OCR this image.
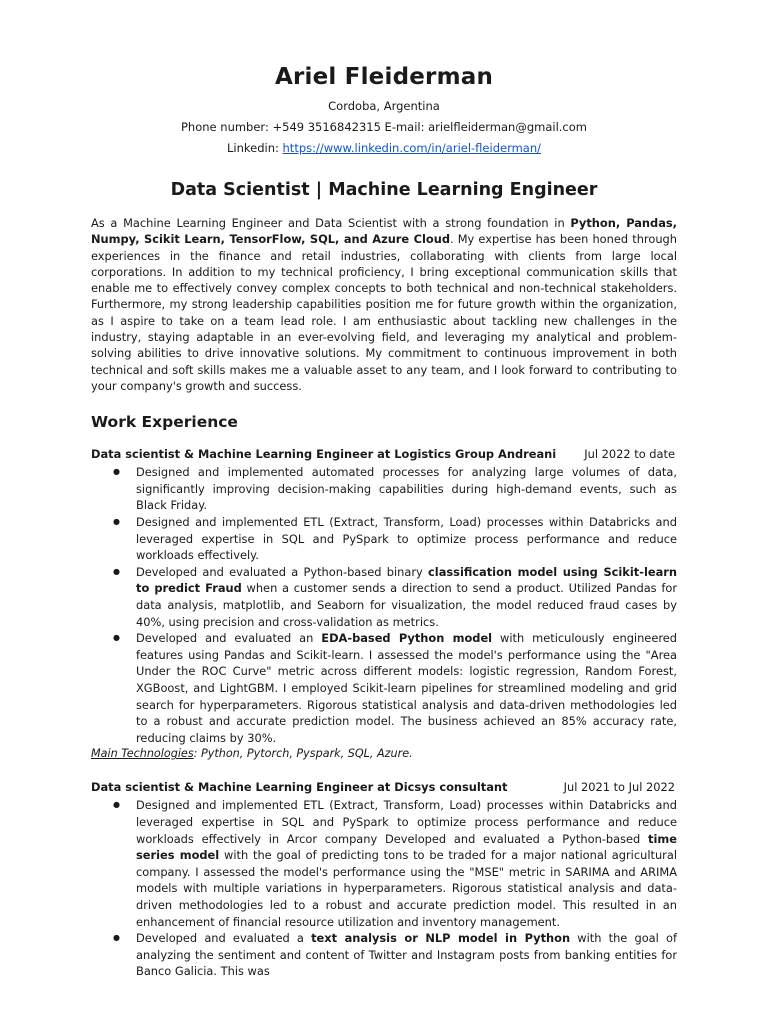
Ariel Fleiderman
Cordoba, Argentina
Phone number: +549 3516842315 E-mail: arielfleiderman@gmail.com
Linkedin: https://www.linkedin.com/in/ariel-fleiderman/
Data Scientist | Machine Learning Engineer

As a Machine Learning Engineer and Data Scientist with a strong foundation in Python, Pandas, Numpy, Scikit Learn, TensorFlow, SQL, and Azure Cloud. My expertise has been honed through experiences in the finance and retail industries, collaborating with clients from large local corporations. In addition to my technical proficiency, I bring exceptional communication skills that enable me to effectively convey complex concepts to both technical and non-technical stakeholders. Furthermore, my strong leadership capabilities position me for future growth within the organization, as I aspire to take on a team lead role. I am enthusiastic about tackling new challenges in the industry, staying adaptable in an ever-evolving field, and leveraging my analytical and problem-solving abilities to drive innovative solutions. My commitment to continuous improvement in both technical and soft skills makes me a valuable asset to any team, and I look forward to contributing to your company's growth and success.

Work Experience
Data scientist & Machine Learning Engineer at Logistics Group Andreani Jul 2022 to date
● Designed and implemented automated processes for analyzing large volumes of data, significantly improving decision-making capabilities during high-demand events, such as Black Friday.
● Designed and implemented ETL (Extract, Transform, Load) processes within Databricks and leveraged expertise in SQL and PySpark to optimize process performance and reduce workloads effectively.
● Developed and evaluated a Python-based binary classification model using Scikit-learn to predict Fraud when a customer sends a direction to send a product. Utilized Pandas for data analysis, matplotlib, and Seaborn for visualization, the model reduced fraud cases by 40%, using precision and cross-validation as metrics.
● Developed and evaluated an EDA-based Python model with meticulously engineered features using Pandas and Scikit-learn. I assessed the model's performance using the "Area Under the ROC Curve" metric across different models: logistic regression, Random Forest, XGBoost, and LightGBM. I employed Scikit-learn pipelines for streamlined modeling and grid search for hyperparameters. Rigorous statistical analysis and data-driven methodologies led to a robust and accurate prediction model. The business achieved an 85% accuracy rate, reducing claims by 30%.
Main Technologies: Python, Pytorch, Pyspark, SQL, Azure.
Data scientist & Machine Learning Engineer at Dicsys consultant	Jul 2021 to Jul 2022
● Designed and implemented ETL (Extract, Transform, Load) processes within Databricks and leveraged expertise in SQL and PySpark to optimize process performance and reduce workloads effectively in Arcor company Developed and evaluated a Python-based time series model with the goal of predicting tons to be traded for a major national agricultural company. I assessed the model's performance using the "MSE" metric in SARIMA and ARIMA models with multiple variations in hyperparameters. Rigorous statistical analysis and data-driven methodologies led to a robust and accurate prediction model. This resulted in an enhancement of financial resource utilization and inventory management.
● Developed and evaluated a text analysis or NLP model in Python with the goal of analyzing the sentiment and content of Twitter and Instagram posts from banking entities for Banco Galicia. This was
